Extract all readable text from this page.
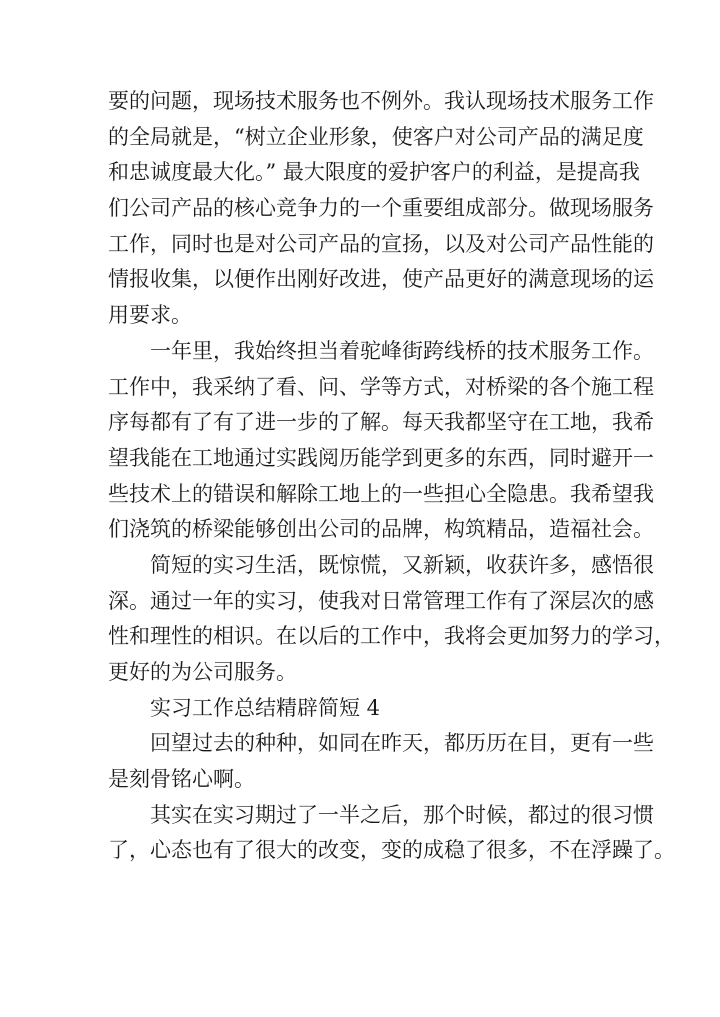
要的问题，现场技术服务也不例外。我认现场技术服务工作
的全局就是，“树立企业形象，使客户对公司产品的满足度
和忠诚度最大化。” 最大限度的爱护客户的利益，是提高我
们公司产品的核心竞争力的一个重要组成部分。做现场服务
工作，同时也是对公司产品的宣扬，以及对公司产品性能的
情报收集，以便作出刚好改进，使产品更好的满意现场的运
用要求。
一年里，我始终担当着驼峰街跨线桥的技术服务工作。
工作中，我采纳了看、问、学等方式，对桥梁的各个施工程
序每都有了有了进一步的了解。每天我都坚守在工地，我希
望我能在工地通过实践阅历能学到更多的东西，同时避开一
些技术上的错误和解除工地上的一些担心全隐患。我希望我
们浇筑的桥梁能够创出公司的品牌，构筑精品，造福社会。
简短的实习生活，既惊慌，又新颖，收获许多，感悟很
深。通过一年的实习，使我对日常管理工作有了深层次的感
性和理性的相识。在以后的工作中，我将会更加努力的学习，
更好的为公司服务。
实习工作总结精辟简短 4
回望过去的种种，如同在昨天，都历历在目，更有一些
是刻骨铭心啊。
其实在实习期过了一半之后，那个时候，都过的很习惯
了，心态也有了很大的改变，变的成稳了很多，不在浮躁了。
